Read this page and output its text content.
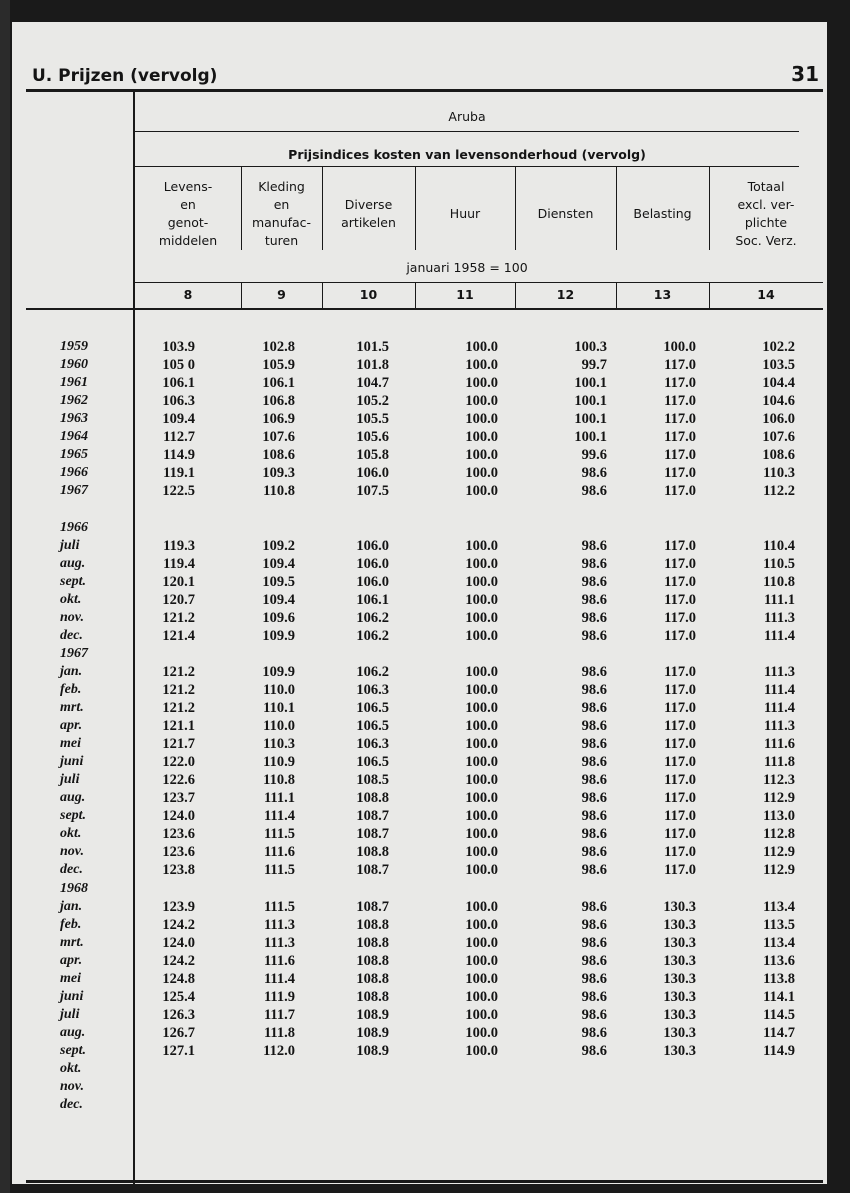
U. Prijzen (vervolg)	31
Aruba
Prijsindices kosten van levensonderhoud (vervolg)
januari 1958 = 100
Levens-
en
genot-
middelen
Kleding
en
manufac-
turen
Diverse
artikelen
Huur	Diensten	Belasting
Totaal
excl. ver-
plichte
Soc. Verz.
8	9	10	11	12	13	14
1959	103.9	102.8	101.5	100.0	100.3	100.0	102.2
1960	105 0	105.9	101.8	100.0	99.7	117.0	103.5
1961	106.1	106.1	104.7	100.0	100.1	117.0	104.4
1962	106.3	106.8	105.2	100.0	100.1	117.0	104.6
1963	109.4	106.9	105.5	100.0	100.1	117.0	106.0
1964	112.7	107.6	105.6	100.0	100.1	117.0	107.6
1965	114.9	108.6	105.8	100.0	99.6	117.0	108.6
1966	119.1	109.3	106.0	100.0	98.6	117.0	110.3
1967	122.5	110.8	107.5	100.0	98.6	117.0	112.2
1966
juli	119.3	109.2	106.0	100.0	98.6	117.0	110.4
aug.	119.4	109.4	106.0	100.0	98.6	117.0	110.5
sept.	120.1	109.5	106.0	100.0	98.6	117.0	110.8
okt.	120.7	109.4	106.1	100.0	98.6	117.0	111.1
nov.	121.2	109.6	106.2	100.0	98.6	117.0	111.3
dec.	121.4	109.9	106.2	100.0	98.6	117.0	111.4
1967
jan.	121.2	109.9	106.2	100.0	98.6	117.0	111.3
feb.	121.2	110.0	106.3	100.0	98.6	117.0	111.4
mrt.	121.2	110.1	106.5	100.0	98.6	117.0	111.4
apr.	121.1	110.0	106.5	100.0	98.6	117.0	111.3
mei	121.7	110.3	106.3	100.0	98.6	117.0	111.6
juni	122.0	110.9	106.5	100.0	98.6	117.0	111.8
juli	122.6	110.8	108.5	100.0	98.6	117.0	112.3
aug.	123.7	111.1	108.8	100.0	98.6	117.0	112.9
sept.	124.0	111.4	108.7	100.0	98.6	117.0	113.0
okt.	123.6	111.5	108.7	100.0	98.6	117.0	112.8
nov.	123.6	111.6	108.8	100.0	98.6	117.0	112.9
dec.	123.8	111.5	108.7	100.0	98.6	117.0	112.9
1968
jan.	123.9	111.5	108.7	100.0	98.6	130.3	113.4
feb.	124.2	111.3	108.8	100.0	98.6	130.3	113.5
mrt.	124.0	111.3	108.8	100.0	98.6	130.3	113.4
apr.	124.2	111.6	108.8	100.0	98.6	130.3	113.6
mei	124.8	111.4	108.8	100.0	98.6	130.3	113.8
juni	125.4	111.9	108.8	100.0	98.6	130.3	114.1
juli	126.3	111.7	108.9	100.0	98.6	130.3	114.5
aug.	126.7	111.8	108.9	100.0	98.6	130.3	114.7
sept.	127.1	112.0	108.9	100.0	98.6	130.3	114.9
okt.
nov.
dec.
